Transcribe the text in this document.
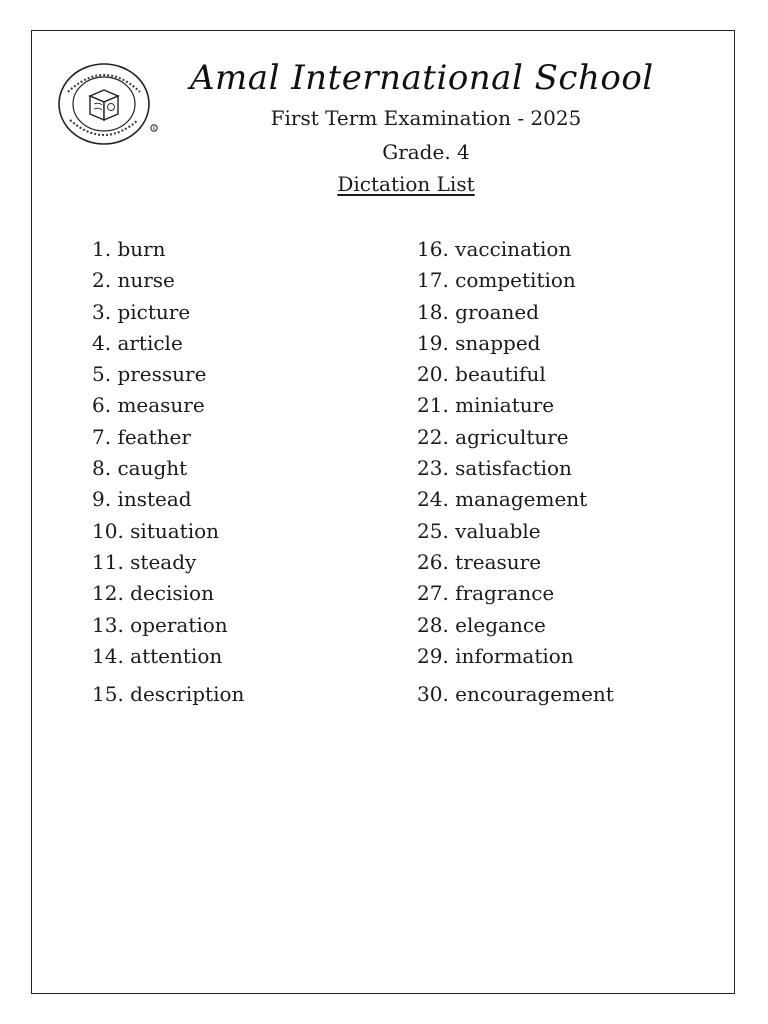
R
Amal International School
First Term Examination - 2025
Grade. 4
Dictation List
1. burn
2. nurse
3. picture
4. article
5. pressure
6. measure
7. feather
8. caught
9. instead
10. situation
11. steady
12. decision
13. operation
14. attention
15. description
16. vaccination
17. competition
18. groaned
19. snapped
20. beautiful
21. miniature
22. agriculture
23. satisfaction
24. management
25. valuable
26. treasure
27. fragrance
28. elegance
29. information
30. encouragement
